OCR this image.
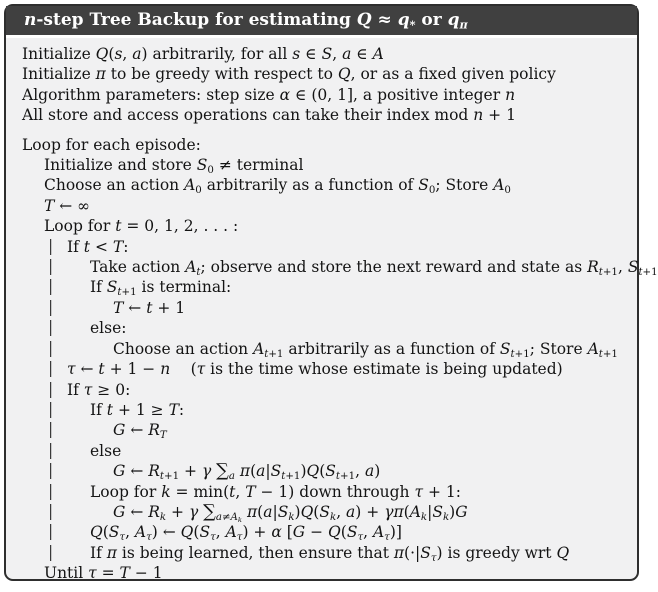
n-step Tree Backup for estimating $Q \approx q_*$ or $q_\pi$
Initialize Q(s, a) arbitrarily, for all s ∈ S, a ∈ A
Initialize π to be greedy with respect to Q, or as a fixed given policy
Algorithm parameters: step size α ∈ (0, 1], a positive integer n
All store and access operations can take their index mod n + 1
Loop for each episode:
Initialize and store $S_0$ ≠ terminal
Choose an action $A_0$ arbitrarily as a function of $S_0$; Store $A_0$
T ← ∞
Loop for t = 0, 1, 2, . . . :
| If t < T:
| Take action $A_t$; observe and store the next reward and state as $R_{t+1}$, $S_{t+1}$
| If $S_{t+1}$ is terminal:
|	T ← t + 1
| else:
|	Choose an action $A_{t+1}$ arbitrarily as a function of $S_{t+1}$; Store $A_{t+1}$
| τ ← t + 1 − n  (τ is the time whose estimate is being updated)
| If τ ≥ 0:
| If t + 1 ≥ T:
|	G ← $R_T$
| else
|	G ← $R_{t+1} + \gamma$ $\sum_a$ $\pi(a|S_{t+1})Q(S_{t+1}$, a)
| Loop for k = min(t, T − 1) down through τ + 1:
|	G ← $R_k + \gamma$ $\sum_{a\ne A_k}$ $\pi(a|S_k)Q(S_k$, $a) + \gamma\pi(A_k|S_k)G$
| $Q(S_\tau$, $A_\tau$) ← $Q(S_\tau$, $A_\tau) + \alpha$ [$G - Q(S_\tau$, $A_\tau$)]
| If π is being learned, then ensure that $\pi(\cdot|S_\tau)$ is greedy wrt Q
Until τ = T − 1
